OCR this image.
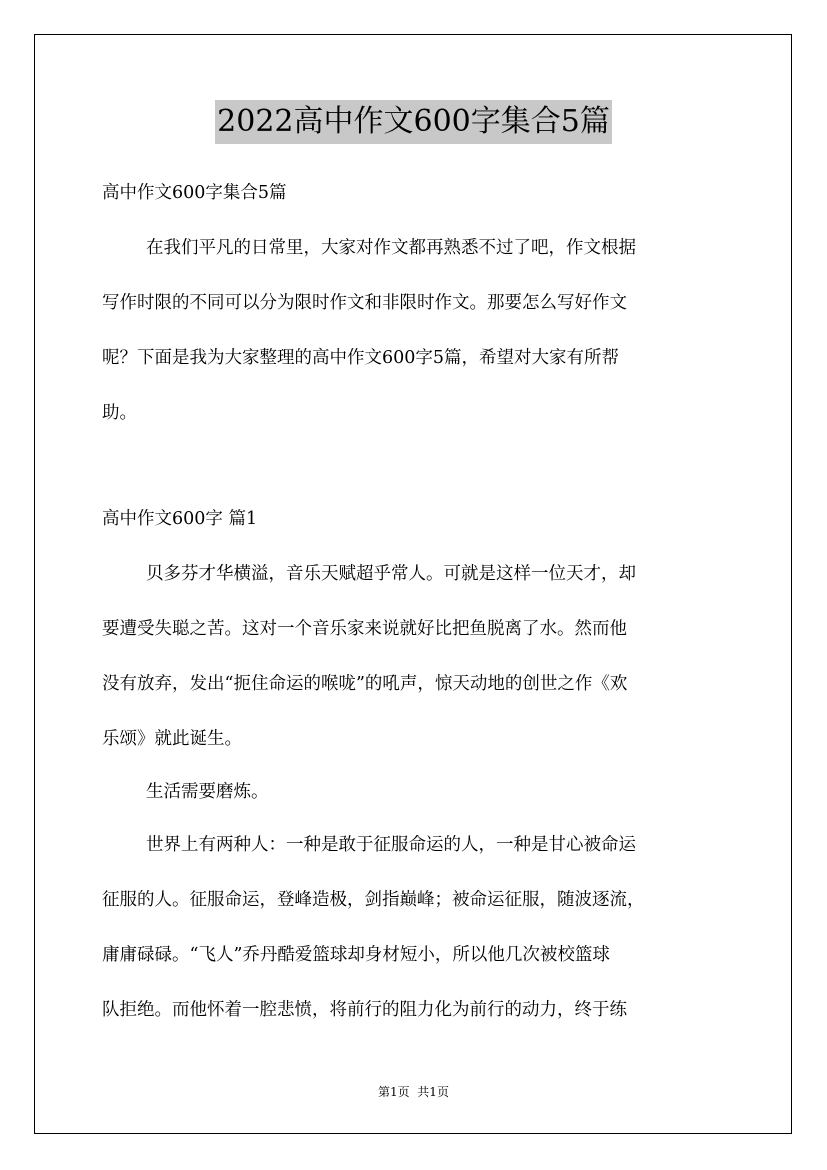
2022高中作文600字集合5篇

高中作文600字集合5篇

在我们平凡的日常里，大家对作文都再熟悉不过了吧，作文根据

写作时限的不同可以分为限时作文和非限时作文。那要怎么写好作文

呢？下面是我为大家整理的高中作文600字5篇，希望对大家有所帮

助。

高中作文600字 篇1

贝多芬才华横溢，音乐天赋超乎常人。可就是这样一位天才，却

要遭受失聪之苦。这对一个音乐家来说就好比把鱼脱离了水。然而他

没有放弃，发出“扼住命运的喉咙”的吼声，惊天动地的创世之作《欢

乐颂》就此诞生。

生活需要磨炼。

世界上有两种人：一种是敢于征服命运的人，一种是甘心被命运

征服的人。征服命运，登峰造极，剑指巅峰；被命运征服，随波逐流，

庸庸碌碌。“飞人”乔丹酷爱篮球却身材短小，所以他几次被校篮球

队拒绝。而他怀着一腔悲愤，将前行的阻力化为前行的动力，终于练

第1页  共1页
